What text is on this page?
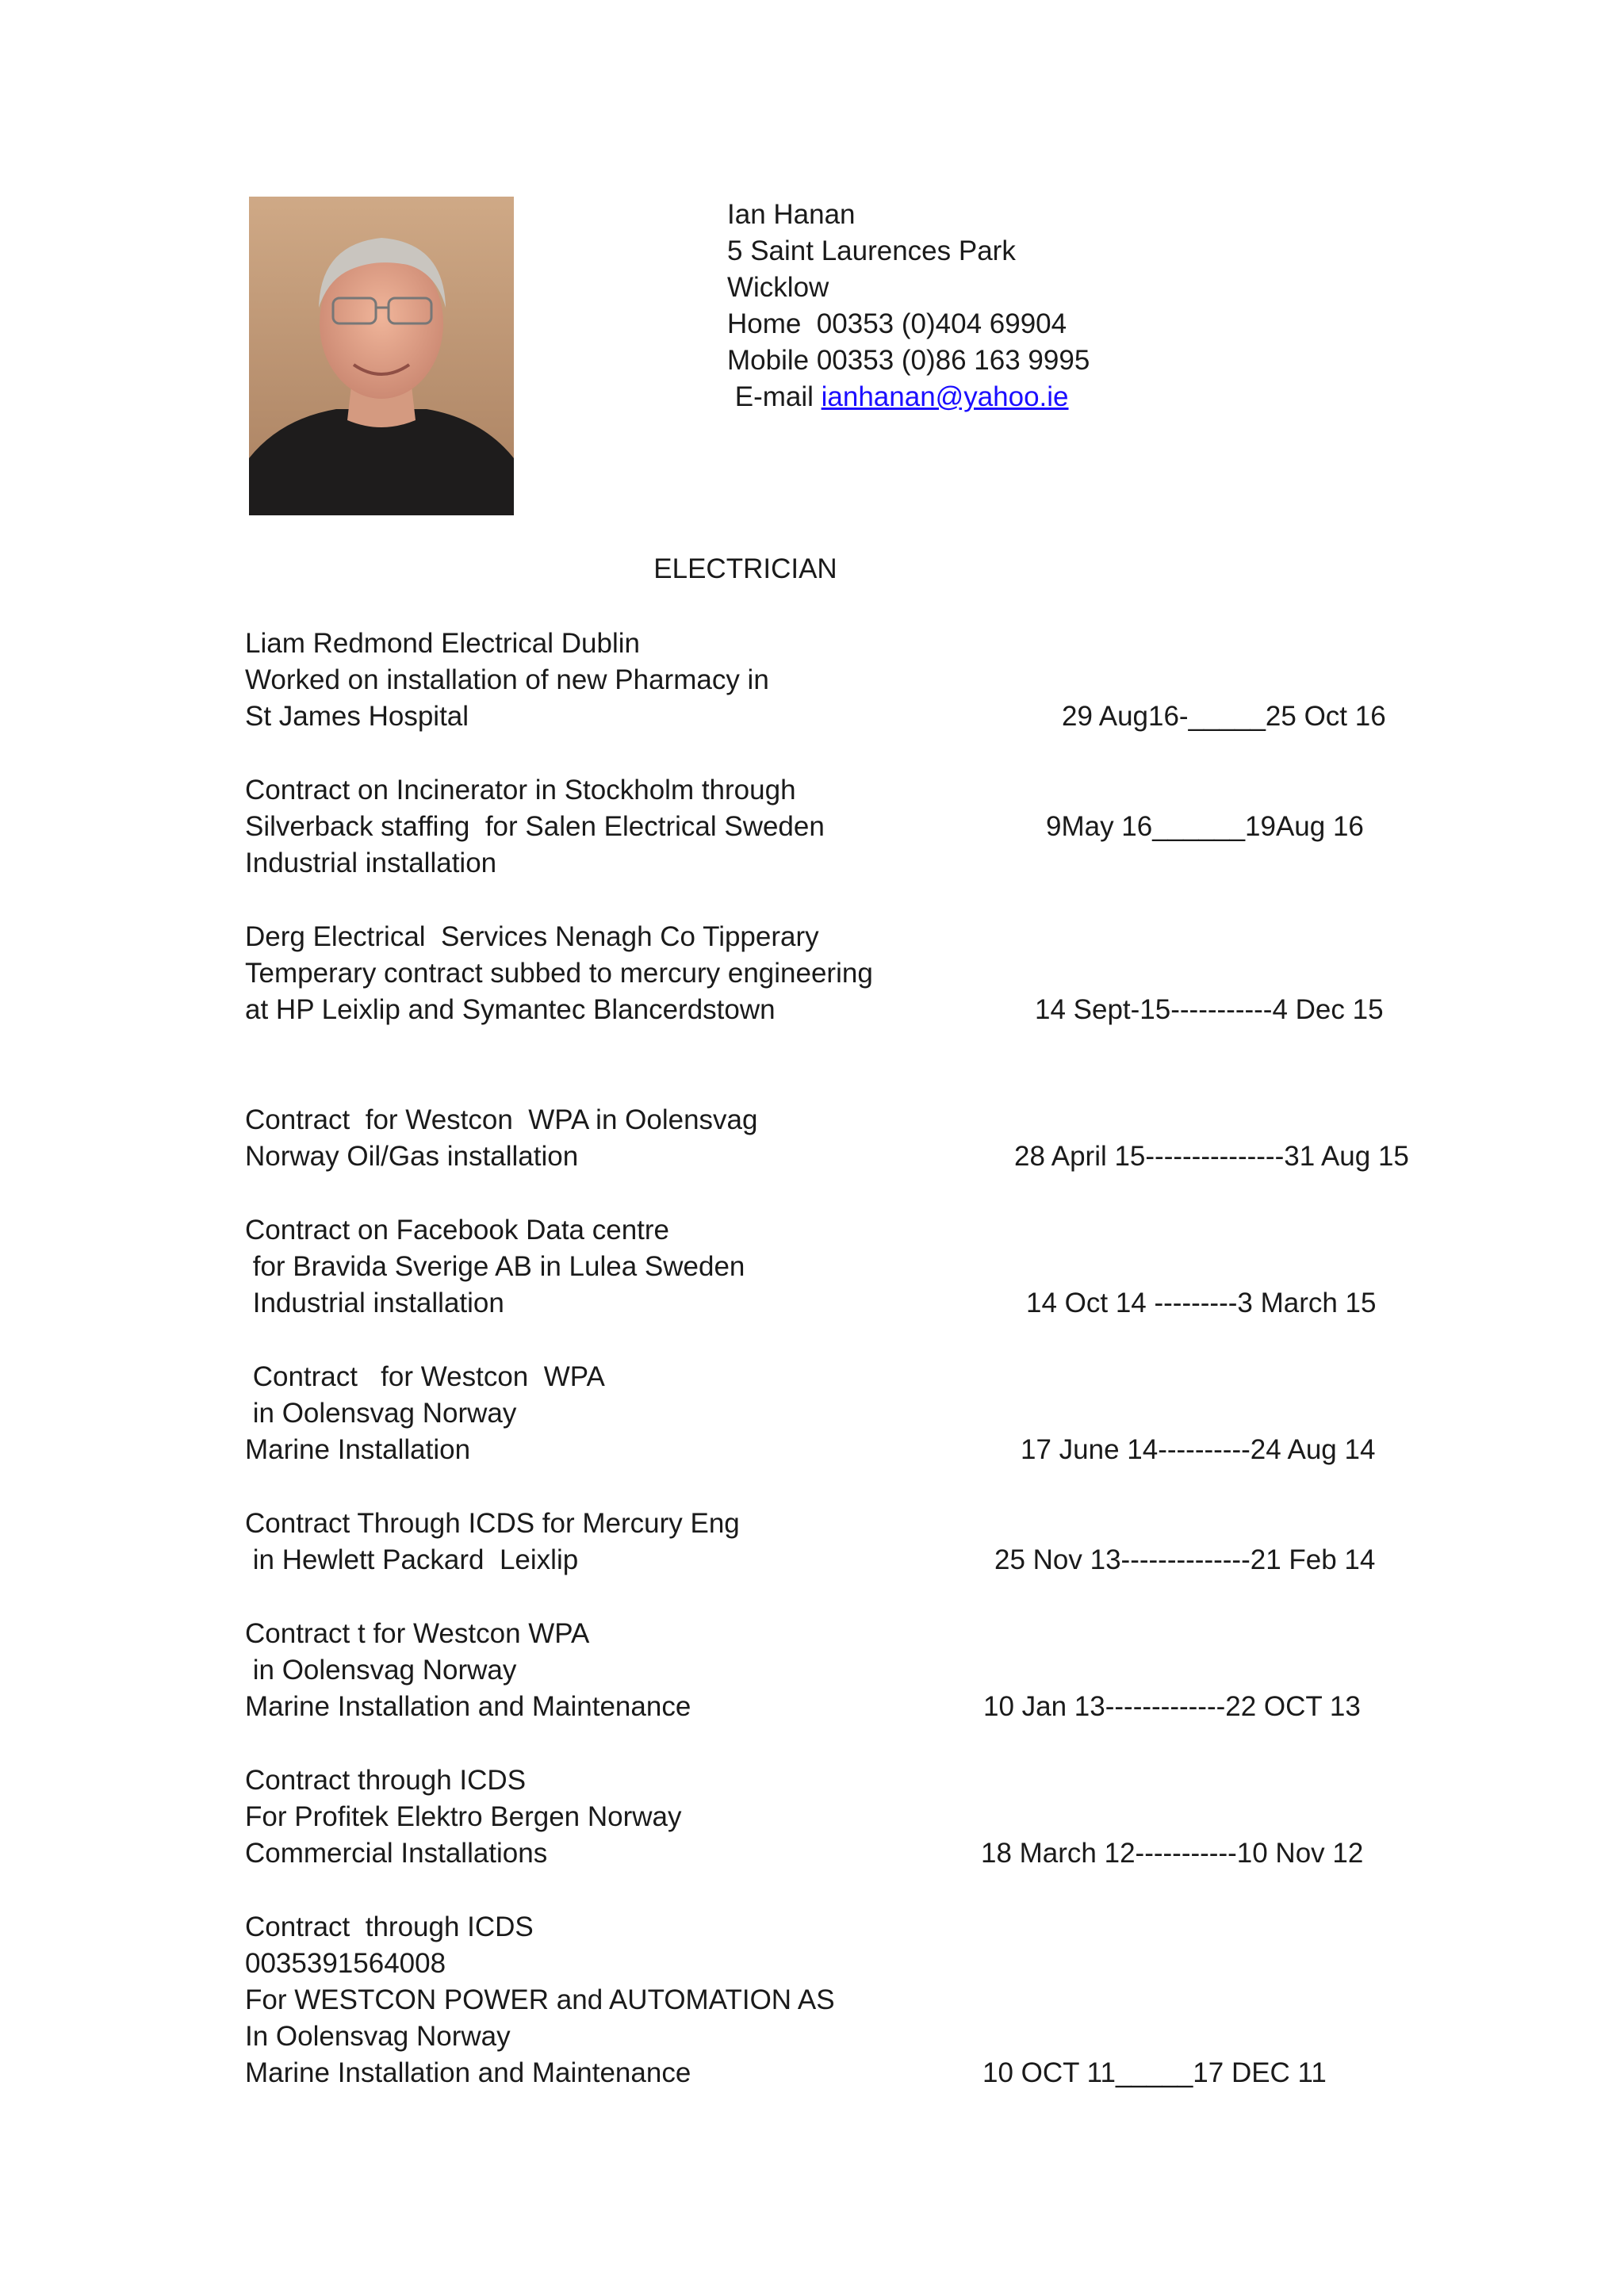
Ian Hanan
5 Saint Laurences Park
Wicklow
Home  00353 (0)404 69904
Mobile 00353 (0)86 163 9995
E-mail ianhanan@yahoo.ie
ELECTRICIAN
Liam Redmond Electrical Dublin
Worked on installation of new Pharmacy in
St James Hospital	29 Aug16-_____25 Oct 16
Contract on Incinerator in Stockholm through
Silverback staffing  for Salen Electrical Sweden
Industrial installation
9May 16______19Aug 16
Derg Electrical  Services Nenagh Co Tipperary
Temperary contract subbed to mercury engineering
at HP Leixlip and Symantec Blancerdstown	14 Sept-15-----------4 Dec 15
Contract  for Westcon  WPA in Oolensvag
Norway Oil/Gas installation	28 April 15---------------31 Aug 15
Contract on Facebook Data centre
for Bravida Sverige AB in Lulea Sweden
Industrial installation	14 Oct 14 ---------3 March 15
Contract   for Westcon  WPA
in Oolensvag Norway
Marine Installation	17 June 14----------24 Aug 14
Contract Through ICDS for Mercury Eng
in Hewlett Packard  Leixlip	25 Nov 13--------------21 Feb 14
Contract t for Westcon WPA
in Oolensvag Norway
Marine Installation and Maintenance	10 Jan 13-------------22 OCT 13
Contract through ICDS
For Profitek Elektro Bergen Norway
Commercial Installations	18 March 12-----------10 Nov 12
Contract  through ICDS
0035391564008
For WESTCON POWER and AUTOMATION AS
In Oolensvag Norway
Marine Installation and Maintenance	10 OCT 11_____17 DEC 11
